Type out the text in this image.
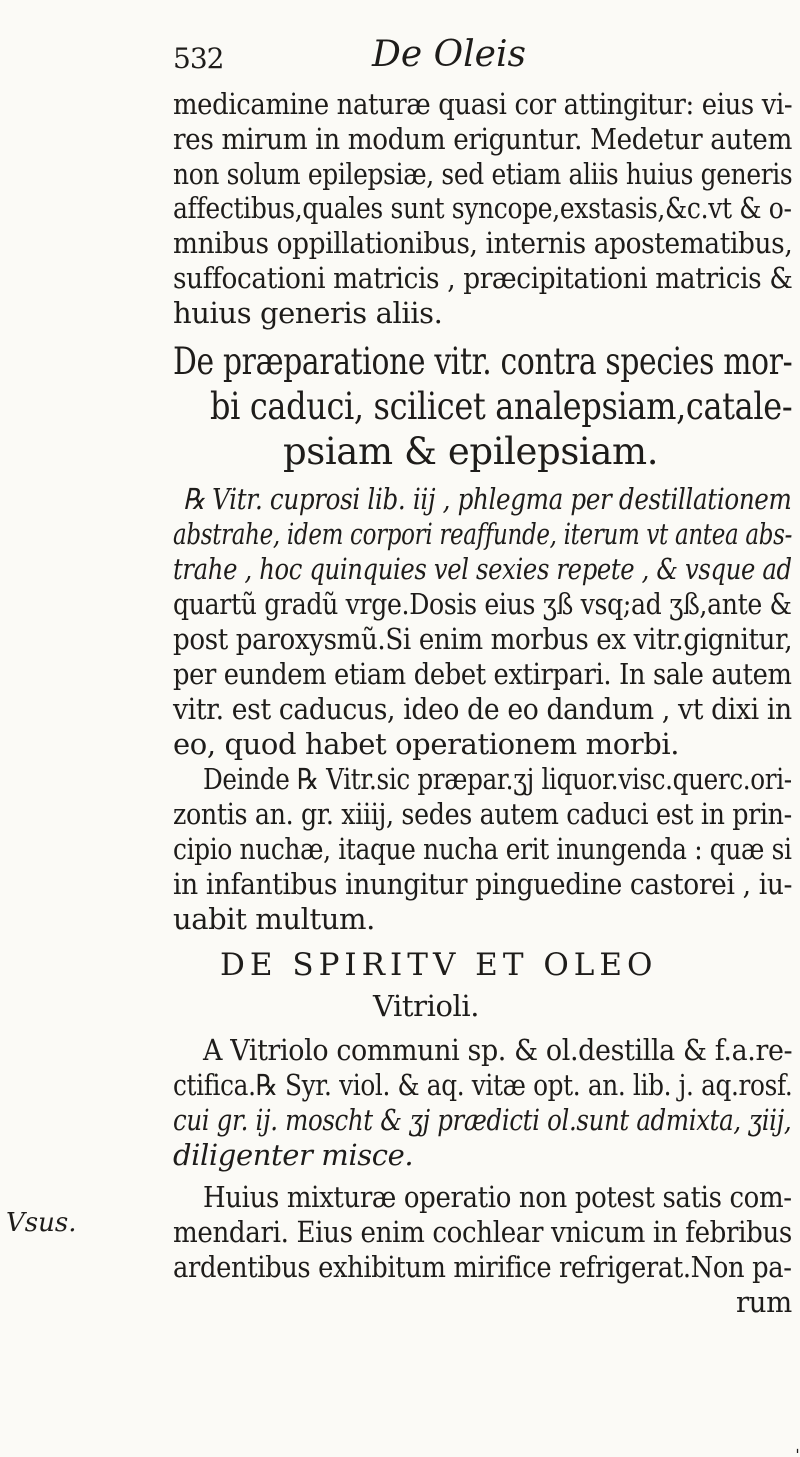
532	De Oleis
medicamine naturæ quasi cor attingitur: eius vi-
res mirum in modum eriguntur. Medetur autem
non solum epilepsiæ, sed etiam aliis huius generis
affectibus,quales sunt syncope,exstasis,&c.vt & o-
mnibus oppillationibus, internis apostematibus,
suffocationi matricis , præcipitationi matricis &
huius generis aliis.
De præparatione vitr. contra species mor-
bi caduci, scilicet analepsiam,catale-
psiam & epilepsiam.
℞ Vitr. cuprosi lib. iij , phlegma per destillationem
abstrahe, idem corpori reaffunde, iterum vt antea abs-
trahe , hoc quinquies vel sexies repete , & vsque ad
quartũ gradũ vrge.Dosis eius ʒß vsq;ad ʒß,ante &
post paroxysmũ.Si enim morbus ex vitr.gignitur,
per eundem etiam debet extirpari. In sale autem
vitr. est caducus, ideo de eo dandum , vt dixi in
eo, quod habet operationem morbi.
Deinde ℞ Vitr.sic præpar.ʒj liquor.visc.querc.ori-
zontis an. gr. xiiij, sedes autem caduci est in prin-
cipio nuchæ, itaque nucha erit inungenda : quæ si
in infantibus inungitur pinguedine castorei , iu-
uabit multum.
DE SPIRITV ET OLEO
Vitrioli.
A Vitriolo communi sp. & ol.destilla & f.a.re-
ctifica.℞ Syr. viol. & aq. vitæ opt. an. lib. j. aq.rosf.
cui gr. ij. moscht & ʒj prædicti ol.sunt admixta, ʒiij,
diligenter misce.
Huius mixturæ operatio non potest satis com-
mendari. Eius enim cochlear vnicum in febribus
ardentibus exhibitum mirifice refrigerat.Non pa-
rum
Vsus.
ˌ
